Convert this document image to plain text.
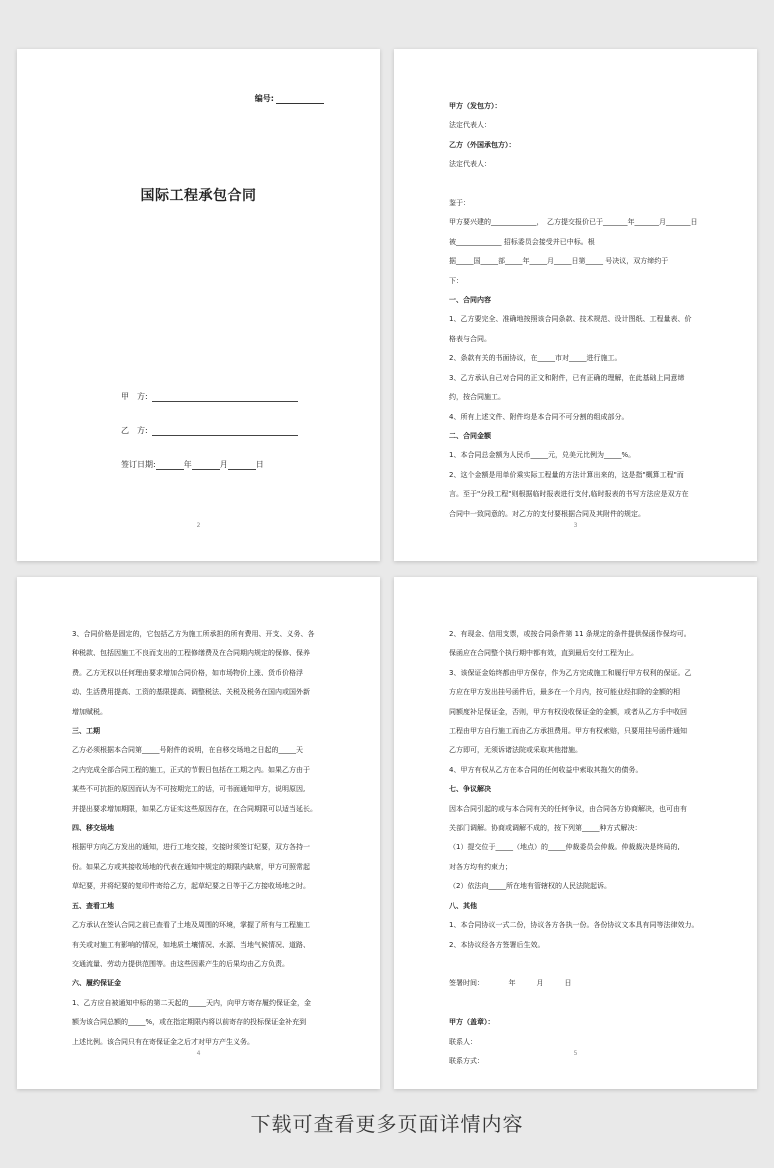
编号:
国际工程承包合同
甲　方:
乙　方:
签订日期:	年	月	日
2
甲方（发包方）：
法定代表人：
乙方（外国承包方）：
法定代表人：

鉴于：
甲方要兴建的_____________，　乙方提交报价已于_______年_______月_______日
被_____________ 招标委员会接受并已中标。根
据_____国_____部_____年_____月_____日第_____ 号决议，双方缔约于
下：
一、合同内容
1、乙方要完全、准确地按照该合同条款、技术规范、设计图纸、工程量表、价
格表与合同。
2、条款有关的书面协议，在_____市对_____进行施工。
3、乙方承认自己对合同的正文和附件，已有正确的理解，在此基础上同意缔
约，按合同施工。
4、所有上述文件、附件均是本合同不可分割的组成部分。
二、合同金额
1、本合同总金额为人民币_____元，兑美元比例为_____%。
2、这个金额是用单价乘实际工程量的方法计算出来的，这是指"概算工程"而
言。至于"分段工程"则根据临时报表进行支付,临时报表的书写方法应是双方在
合同中一致同意的。对乙方的支付要根据合同及其附件的规定。
3
3、合同价格是固定的，它包括乙方为施工所承担的所有费用、开支、义务、各
种税款、包括因施工不良而支出的工程修缮费及在合同期内规定的保修、保养
费。乙方无权以任何理由要求增加合同价格，如市场物价上涨、货币价格浮
动、生活费用提高、工资的基限提高、调整税法、关税及税务在国内或国外新
增加赋税。
三、工期
乙方必须根据本合同第_____号附件的说明，在自移交场地之日起的_____天
之内完成全部合同工程的施工，正式的节假日包括在工期之内。如果乙方由于
某些不可抗拒的原因而认为不可按期完工的话，可书面通知甲方，说明原因,
并提出要求增加期限，如果乙方证实这些原因存在，在合同期限可以适当延长。
四、移交场地
根据甲方向乙方发出的通知，进行工地交接，交接时须签订纪要，双方各持一
份。如果乙方或其接收场地的代表在通知中规定的期限内缺席，甲方可照常起
草纪要，并将纪要的复印件寄给乙方，起草纪要之日等于乙方接收场地之时。
五、查看工地
乙方承认在签认合同之前已查看了土地及周围的环境，掌握了所有与工程施工
有关或对施工有影响的情况，如地质土壤情况、水源、当地气候情况、道路、
交通流量、劳动力提供范围等。由这些因素产生的后果均由乙方负责。
六、履约保证金
1、乙方应自被通知中标的第二天起的_____天内，向甲方寄存履约保证金，金
额为该合同总额的_____%，或在指定期限内将以前寄存的投标保证金补充到
上述比例。该合同只有在寄保证金之后才对甲方产生义务。
4
2、有现金、信用支票，或按合同条件第 11 条规定的条件提供保函作保均可。
保函应在合同整个执行期中都有效，直到最后交付工程为止。
3、该保证金始终都由甲方保存，作为乙方完成施工和履行甲方权利的保证。乙
方应在甲方发出挂号函件后，最多在一个月内，按可能业经扣除的金额的相
同额度补足保证金，否则，甲方有权没收保证金的金额，或者从乙方手中收回
工程由甲方自行施工而由乙方承担费用。甲方有权索赔，只要用挂号函件通知
乙方即可，无须诉诸法院或采取其他措施。
4、甲方有权从乙方在本合同的任何收益中索取其拖欠的债务。
七、争议解决
因本合同引起的或与本合同有关的任何争议，由合同各方协商解决，也可由有
关部门调解。协商或调解不成的，按下列第_____种方式解决：
（1）提交位于_____（地点）的_____仲裁委员会仲裁。仲裁裁决是终局的,
对各方均有约束力；
（2）依法向_____所在地有管辖权的人民法院起诉。
八、其他
1、本合同协议一式二份，协议各方各执一份。各份协议文本具有同等法律效力。
2、本协议经各方签署后生效。

签署时间：　　　　年　　　月　　　日

甲方（盖章）：
联系人：
联系方式：
5
下载可查看更多页面详情内容
